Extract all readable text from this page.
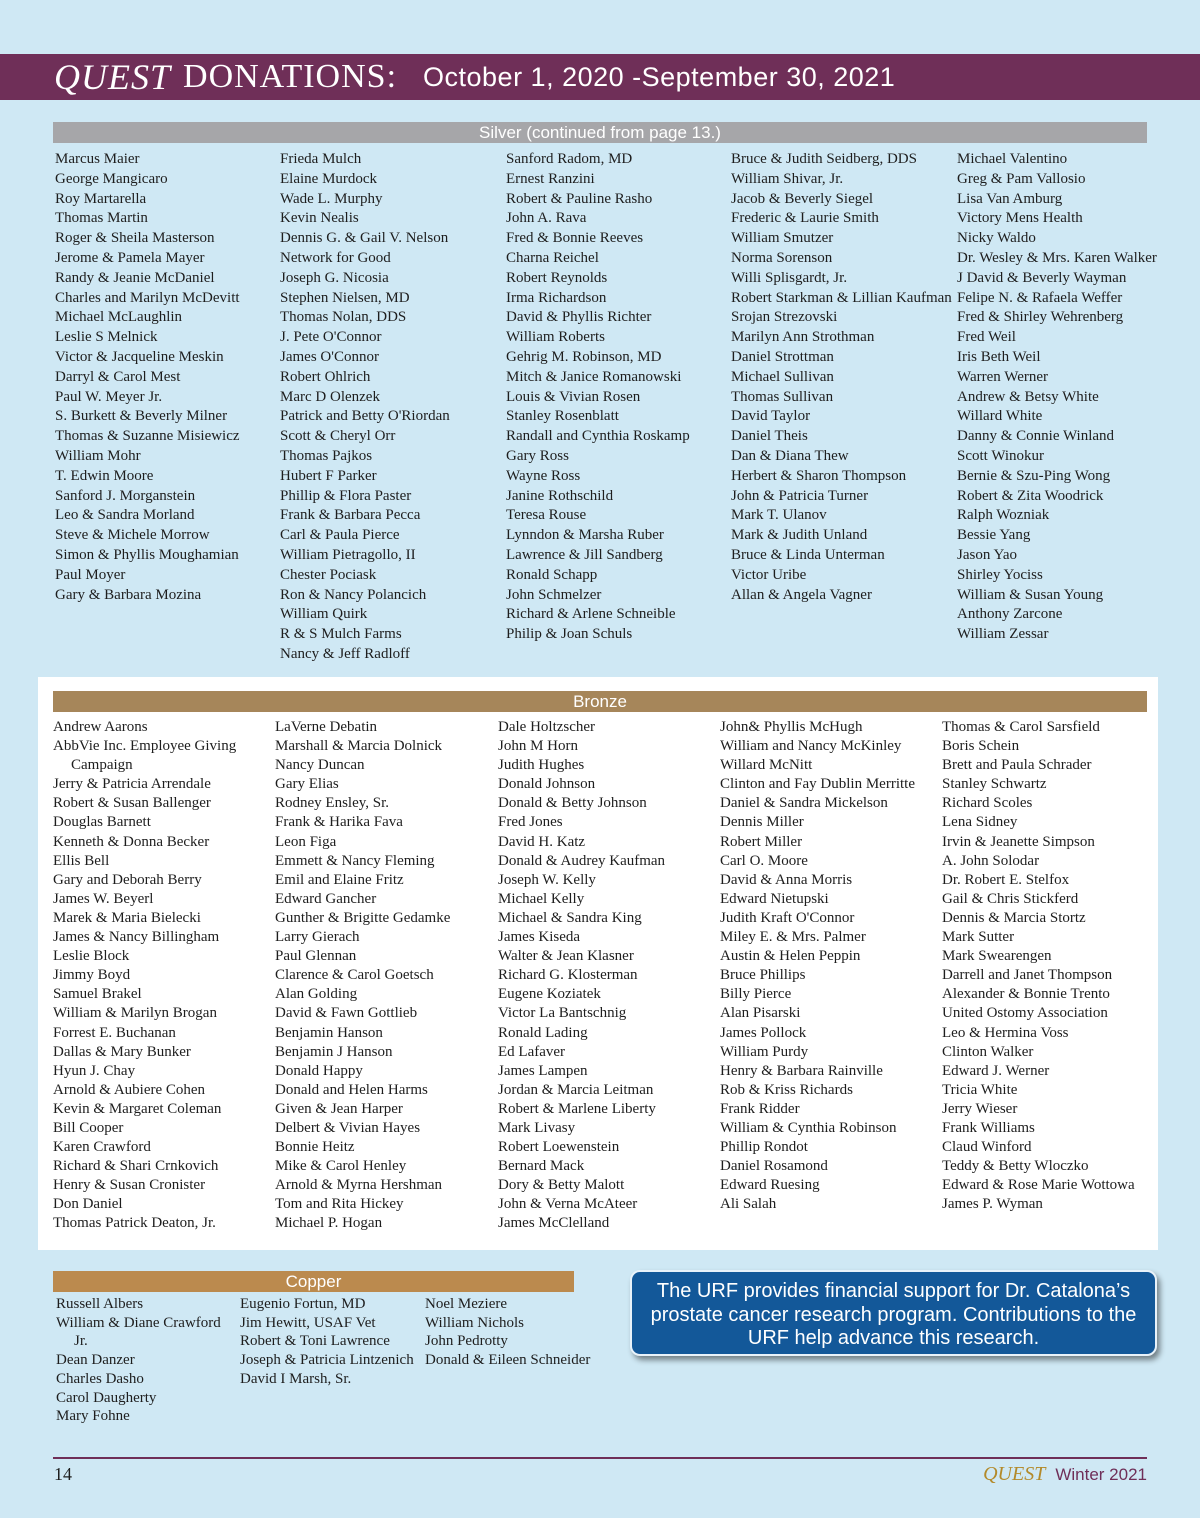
QUEST DONATIONS: October 1, 2020 -September 30, 2021
Silver (continued from page 13.)
Marcus Maier
George Mangicaro
Roy Martarella
Thomas Martin
Roger & Sheila Masterson
Jerome & Pamela Mayer
Randy & Jeanie McDaniel
Charles and Marilyn McDevitt
Michael McLaughlin
Leslie S Melnick
Victor & Jacqueline Meskin
Darryl & Carol Mest
Paul W. Meyer Jr.
S. Burkett & Beverly Milner
Thomas & Suzanne Misiewicz
William Mohr
T. Edwin Moore
Sanford J. Morganstein
Leo & Sandra Morland
Steve & Michele Morrow
Simon & Phyllis Moughamian
Paul Moyer
Gary & Barbara Mozina
Frieda Mulch
Elaine Murdock
Wade L. Murphy
Kevin Nealis
Dennis G. & Gail V. Nelson
Network for Good
Joseph G. Nicosia
Stephen Nielsen, MD
Thomas Nolan, DDS
J. Pete O'Connor
James O'Connor
Robert Ohlrich
Marc D Olenzek
Patrick and Betty O'Riordan
Scott & Cheryl Orr
Thomas Pajkos
Hubert F Parker
Phillip & Flora Paster
Frank & Barbara Pecca
Carl & Paula Pierce
William Pietragollo, II
Chester Pociask
Ron & Nancy Polancich
William Quirk
R & S Mulch Farms
Nancy & Jeff Radloff
Sanford Radom, MD
Ernest Ranzini
Robert & Pauline Rasho
John A. Rava
Fred & Bonnie Reeves
Charna Reichel
Robert Reynolds
Irma Richardson
David & Phyllis Richter
William Roberts
Gehrig M. Robinson, MD
Mitch & Janice Romanowski
Louis & Vivian Rosen
Stanley Rosenblatt
Randall and Cynthia Roskamp
Gary Ross
Wayne Ross
Janine Rothschild
Teresa Rouse
Lynndon & Marsha Ruber
Lawrence & Jill Sandberg
Ronald Schapp
John Schmelzer
Richard & Arlene Schneible
Philip & Joan Schuls
Bruce & Judith Seidberg, DDS
William Shivar, Jr.
Jacob & Beverly Siegel
Frederic & Laurie Smith
William Smutzer
Norma Sorenson
Willi Splisgardt, Jr.
Robert Starkman & Lillian Kaufman
Srojan Strezovski
Marilyn Ann Strothman
Daniel Strottman
Michael Sullivan
Thomas Sullivan
David Taylor
Daniel Theis
Dan & Diana Thew
Herbert & Sharon Thompson
John & Patricia Turner
Mark T. Ulanov
Mark & Judith Unland
Bruce & Linda Unterman
Victor Uribe
Allan & Angela Vagner
Michael Valentino
Greg & Pam Vallosio
Lisa Van Amburg
Victory Mens Health
Nicky Waldo
Dr. Wesley & Mrs. Karen Walker
J David & Beverly Wayman
Felipe N. & Rafaela Weffer
Fred & Shirley Wehrenberg
Fred Weil
Iris Beth Weil
Warren Werner
Andrew & Betsy White
Willard White
Danny & Connie Winland
Scott Winokur
Bernie & Szu-Ping Wong
Robert & Zita Woodrick
Ralph Wozniak
Bessie Yang
Jason Yao
Shirley Yociss
William & Susan Young
Anthony Zarcone
William Zessar
Bronze
Andrew Aarons
AbbVie Inc. Employee Giving Campaign
Jerry & Patricia Arrendale
Robert & Susan Ballenger
Douglas Barnett
Kenneth & Donna Becker
Ellis Bell
Gary and Deborah Berry
James W. Beyerl
Marek & Maria Bielecki
James & Nancy Billingham
Leslie Block
Jimmy Boyd
Samuel Brakel
William & Marilyn Brogan
Forrest E. Buchanan
Dallas & Mary Bunker
Hyun J. Chay
Arnold & Aubiere Cohen
Kevin & Margaret Coleman
Bill Cooper
Karen Crawford
Richard & Shari Crnkovich
Henry & Susan Cronister
Don Daniel
Thomas Patrick Deaton, Jr.
LaVerne Debatin
Marshall & Marcia Dolnick
Nancy Duncan
Gary Elias
Rodney Ensley, Sr.
Frank & Harika Fava
Leon Figa
Emmett & Nancy Fleming
Emil and Elaine Fritz
Edward Gancher
Gunther & Brigitte Gedamke
Larry Gierach
Paul Glennan
Clarence & Carol Goetsch
Alan Golding
David & Fawn Gottlieb
Benjamin Hanson
Benjamin J Hanson
Donald Happy
Donald and Helen Harms
Given & Jean Harper
Delbert & Vivian Hayes
Bonnie Heitz
Mike & Carol Henley
Arnold & Myrna Hershman
Tom and Rita Hickey
Michael P. Hogan
Dale Holtzscher
John M Horn
Judith Hughes
Donald Johnson
Donald & Betty Johnson
Fred Jones
David H. Katz
Donald & Audrey Kaufman
Joseph W. Kelly
Michael Kelly
Michael & Sandra King
James Kiseda
Walter & Jean Klasner
Richard G. Klosterman
Eugene Koziatek
Victor La Bantschnig
Ronald Lading
Ed Lafaver
James Lampen
Jordan & Marcia Leitman
Robert & Marlene Liberty
Mark Livasy
Robert Loewenstein
Bernard Mack
Dory & Betty Malott
John & Verna McAteer
James McClelland
John& Phyllis McHugh
William and Nancy McKinley
Willard McNitt
Clinton and Fay Dublin Merritte
Daniel & Sandra Mickelson
Dennis Miller
Robert Miller
Carl O. Moore
David & Anna Morris
Edward Nietupski
Judith Kraft O'Connor
Miley E. & Mrs. Palmer
Austin & Helen Peppin
Bruce Phillips
Billy Pierce
Alan Pisarski
James Pollock
William Purdy
Henry & Barbara Rainville
Rob & Kriss Richards
Frank Ridder
William & Cynthia Robinson
Phillip Rondot
Daniel Rosamond
Edward Ruesing
Ali Salah
Thomas & Carol Sarsfield
Boris Schein
Brett and Paula Schrader
Stanley Schwartz
Richard Scoles
Lena Sidney
Irvin & Jeanette Simpson
A. John Solodar
Dr. Robert E. Stelfox
Gail & Chris Stickferd
Dennis & Marcia Stortz
Mark Sutter
Mark Swearengen
Darrell and Janet Thompson
Alexander & Bonnie Trento
United Ostomy Association
Leo & Hermina Voss
Clinton Walker
Edward J. Werner
Tricia White
Jerry Wieser
Frank Williams
Claud Winford
Teddy & Betty Wloczko
Edward & Rose Marie Wottowa
James P. Wyman
Copper
Russell Albers
William & Diane Crawford Jr.
Dean Danzer
Charles Dasho
Carol Daugherty
Mary Fohne
Eugenio Fortun, MD
Jim Hewitt, USAF Vet
Robert & Toni Lawrence
Joseph & Patricia Lintzenich
David I Marsh, Sr.
Noel Meziere
William Nichols
John Pedrotty
Donald & Eileen Schneider
The URF provides financial support for Dr. Catalona’s prostate cancer research program. Contributions to the URF help advance this research.
14	QUEST Winter 2021
